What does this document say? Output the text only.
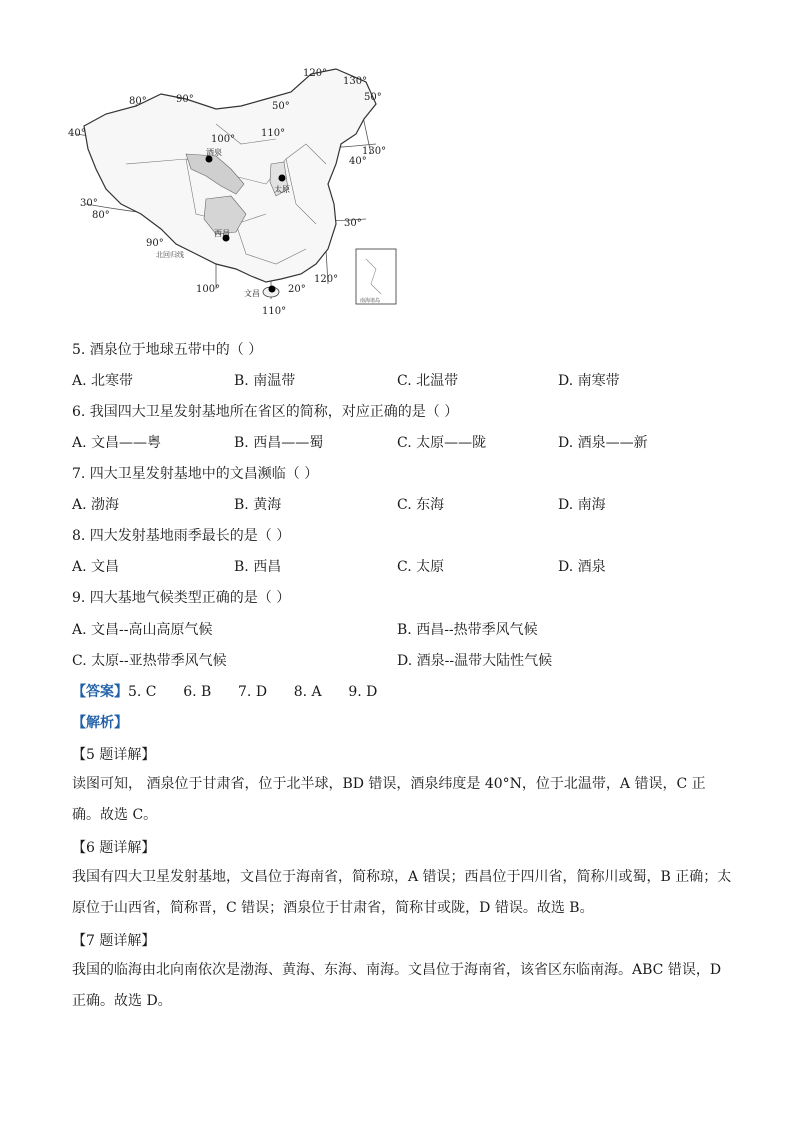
80°	90°
100°
110°
120°
130°
80°
90°
100°
110°
120°
130°
40°
30°
50°
50°
40°
30°
20°
酒泉
太原
西昌
文昌
北回归线
南海诸岛
5. 酒泉位于地球五带中的（ ）
A. 北寒带	B. 南温带	C. 北温带	D. 南寒带
6. 我国四大卫星发射基地所在省区的简称，对应正确的是（ ）
A. 文昌——粤	B. 西昌——蜀	C. 太原——陇	D. 酒泉——新
7. 四大卫星发射基地中的文昌濒临（ ）
A. 渤海	B. 黄海	C. 东海	D. 南海
8. 四大发射基地雨季最长的是（ ）
A. 文昌	B. 西昌	C. 太原	D. 酒泉
9. 四大基地气候类型正确的是（ ）
A. 文昌--高山高原气候	B. 西昌--热带季风气候
C. 太原--亚热带季风气候	D. 酒泉--温带大陆性气候
【答案】5. C      6. B      7. D      8. A      9. D
【解析】
【5 题详解】
读图可知， 酒泉位于甘肃省，位于北半球，BD 错误，酒泉纬度是 40°N，位于北温带，A 错误，C 正确。故选 C。
【6 题详解】
我国有四大卫星发射基地，文昌位于海南省，简称琼，A 错误；西昌位于四川省，简称川或蜀，B 正确；太原位于山西省，简称晋，C 错误；酒泉位于甘肃省，简称甘或陇，D 错误。故选 B。
【7 题详解】
我国的临海由北向南依次是渤海、黄海、东海、南海。文昌位于海南省，该省区东临南海。ABC 错误，D 正确。故选 D。
